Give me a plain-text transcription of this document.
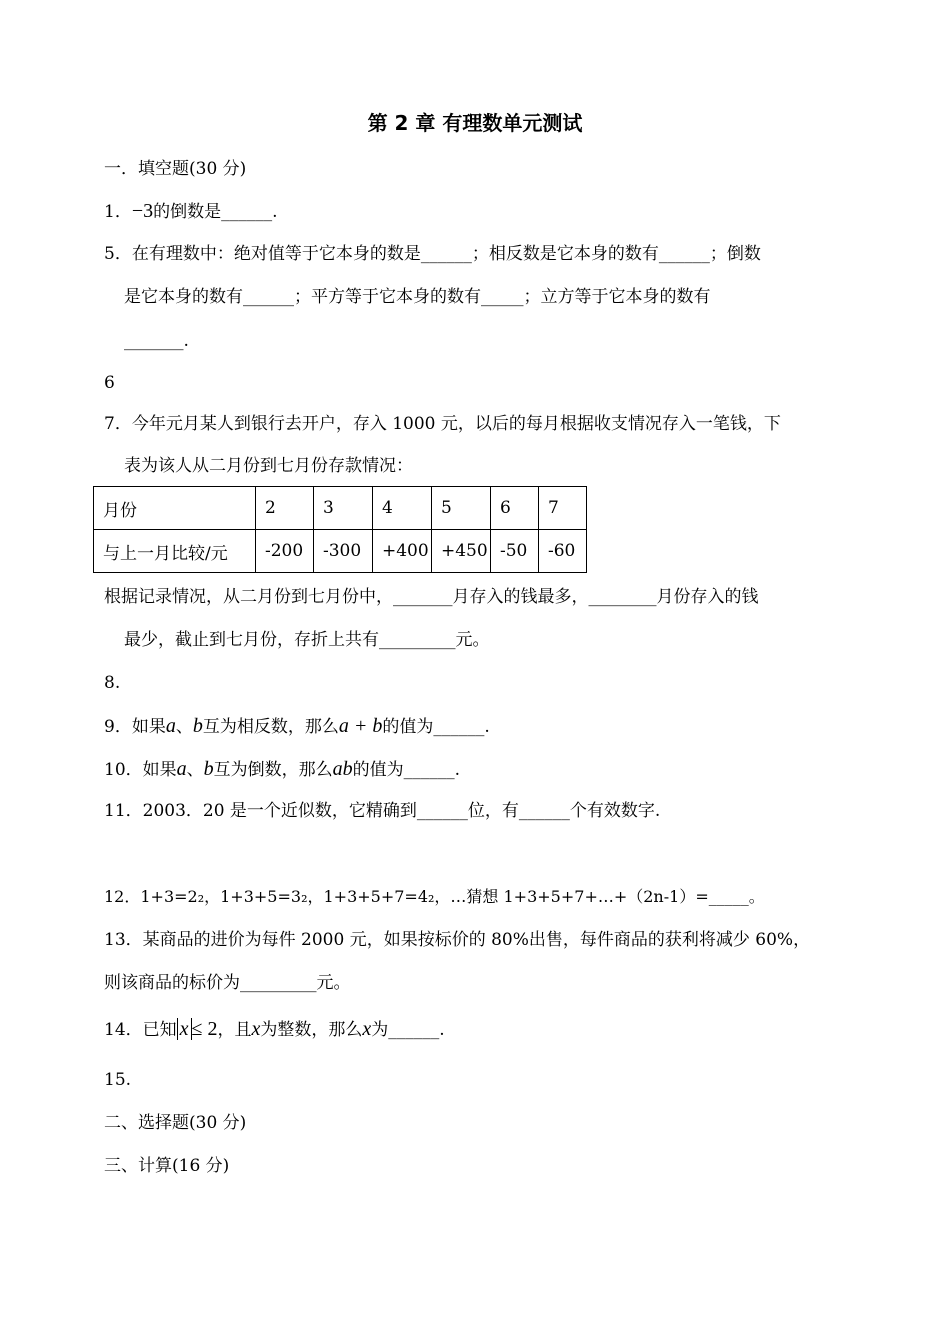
第 2 章 有理数单元测试
一．填空题(30 分)
1．−3的倒数是______.
5．在有理数中：绝对值等于它本身的数是______；相反数是它本身的数有______；倒数
是它本身的数有______；平方等于它本身的数有_____；立方等于它本身的数有
_______.
6
7．今年元月某人到银行去开户，存入 1000 元，以后的每月根据收支情况存入一笔钱，下
表为该人从二月份到七月份存款情况：
月份	2	3	4	5	6	7
与上一月比较/元	-200	-300	+400	+450	-50	-60
根据记录情况，从二月份到七月份中，_______月存入的钱最多，________月份存入的钱
最少，截止到七月份，存折上共有_________元。
8.
9．如果a、b互为相反数，那么a + b的值为______.
10．如果a、b互为倒数，那么ab的值为______.
11．2003．20 是一个近似数，它精确到______位，有______个有效数字.
12．1+3=2₂，1+3+5=3₂，1+3+5+7=4₂，…猜想 1+3+5+7+…+（2n-1）=_____。
13．某商品的进价为每件 2000 元，如果按标价的 80%出售，每件商品的获利将减少 60%，
则该商品的标价为_________元。
14．已知 x ≤ 2，且x为整数，那么x为______.
15.
二、选择题(30 分)
三、计算(16 分)
